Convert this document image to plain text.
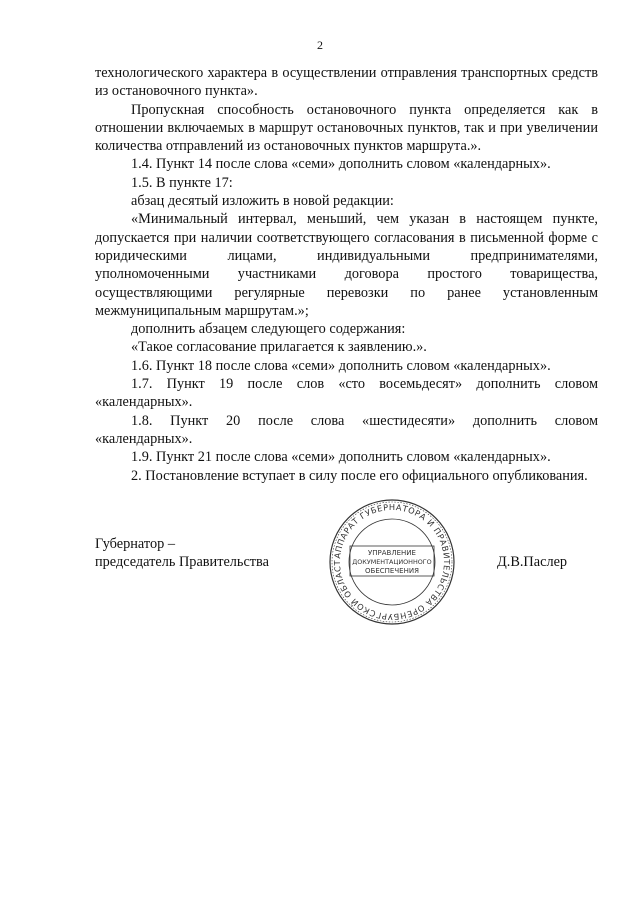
2

технологического характера в осуществлении отправления транспортных средств из остановочного пункта».

Пропускная способность остановочного пункта определяется как в отношении включаемых в маршрут остановочных пунктов, так и при увеличении количества отправлений из остановочных пунктов маршрута.».

1.4. Пункт 14 после слова «семи» дополнить словом «календарных».

1.5. В пункте 17:

абзац десятый изложить в новой редакции:

«Минимальный интервал, меньший, чем указан в настоящем пункте, допускается при наличии соответствующего согласования в письменной форме с юридическими лицами, индивидуальными предпринимателями, уполномоченными участниками договора простого товарищества, осуществляющими регулярные перевозки по ранее установленным межмуниципальным маршрутам.»;

дополнить абзацем следующего содержания:

«Такое согласование прилагается к заявлению.».

1.6. Пункт 18 после слова «семи» дополнить словом «календарных».

1.7. Пункт 19 после слов «сто восемьдесят» дополнить словом «календарных».

1.8. Пункт 20 после слова «шестидесяти» дополнить словом «календарных».

1.9. Пункт 21 после слова «семи» дополнить словом «календарных».

2. Постановление вступает в силу после его официального опубликования.

Губернатор –
председатель Правительства	АППАРАТ ГУБЕРНАТОРА И ПРАВИТЕЛЬСТВА ОРЕНБУРГСКОЙ ОБЛАСТ
УПРАВЛЕНИЕ
ДОКУМЕНТАЦИОННОГО
ОБЕСПЕЧЕНИЯ
Д.В.Паслер
